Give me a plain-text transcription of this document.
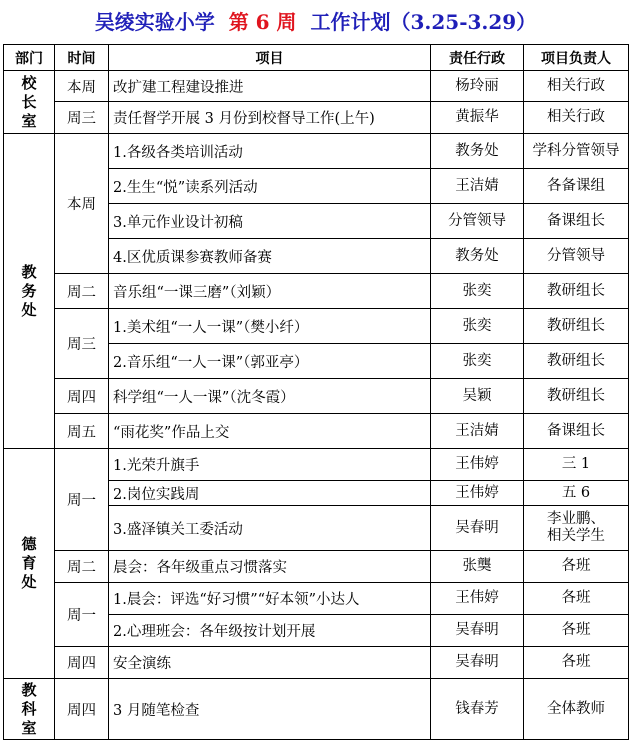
吴绫实验小学 第 6 周 工作计划（3.25-3.29）
部门	时间	项目	责任行政	项目负责人

校
长
室	本周	改扩建工程建设推进	杨玲丽	相关行政
	周三	责任督学开展 3 月份到校督导工作(上午)	黄振华	相关行政

教
务
处	本周	1.各级各类培训活动	教务处	学科分管领导
		2.生生“悦”读系列活动	王洁婧	各备课组
		3.单元作业设计初稿	分管领导	备课组长
		4.区优质课参赛教师备赛	教务处	分管领导
	周二	音乐组“一课三磨”（刘颖）	张奕	教研组长
	周三	1.美术组“一人一课”（樊小纤）	张奕	教研组长
		2.音乐组“一人一课”（郭亚亭）	张奕	教研组长
	周四	科学组“一人一课”（沈冬霞）	吴颖	教研组长
	周五	“雨花奖”作品上交	王洁婧	备课组长

德
育
处	周一	1.光荣升旗手	王伟婷	三 1
		2.岗位实践周	王伟婷	五 6
		3.盛泽镇关工委活动	吴春明	李业鹏、
相关学生
	周二	晨会：各年级重点习惯落实	张龑	各班
	周一	1.晨会：评选“好习惯”“好本领”小达人	王伟婷	各班
		2.心理班会：各年级按计划开展	吴春明	各班
	周四	安全演练	吴春明	各班

教
科
室	周四	3 月随笔检查	钱春芳	全体教师
